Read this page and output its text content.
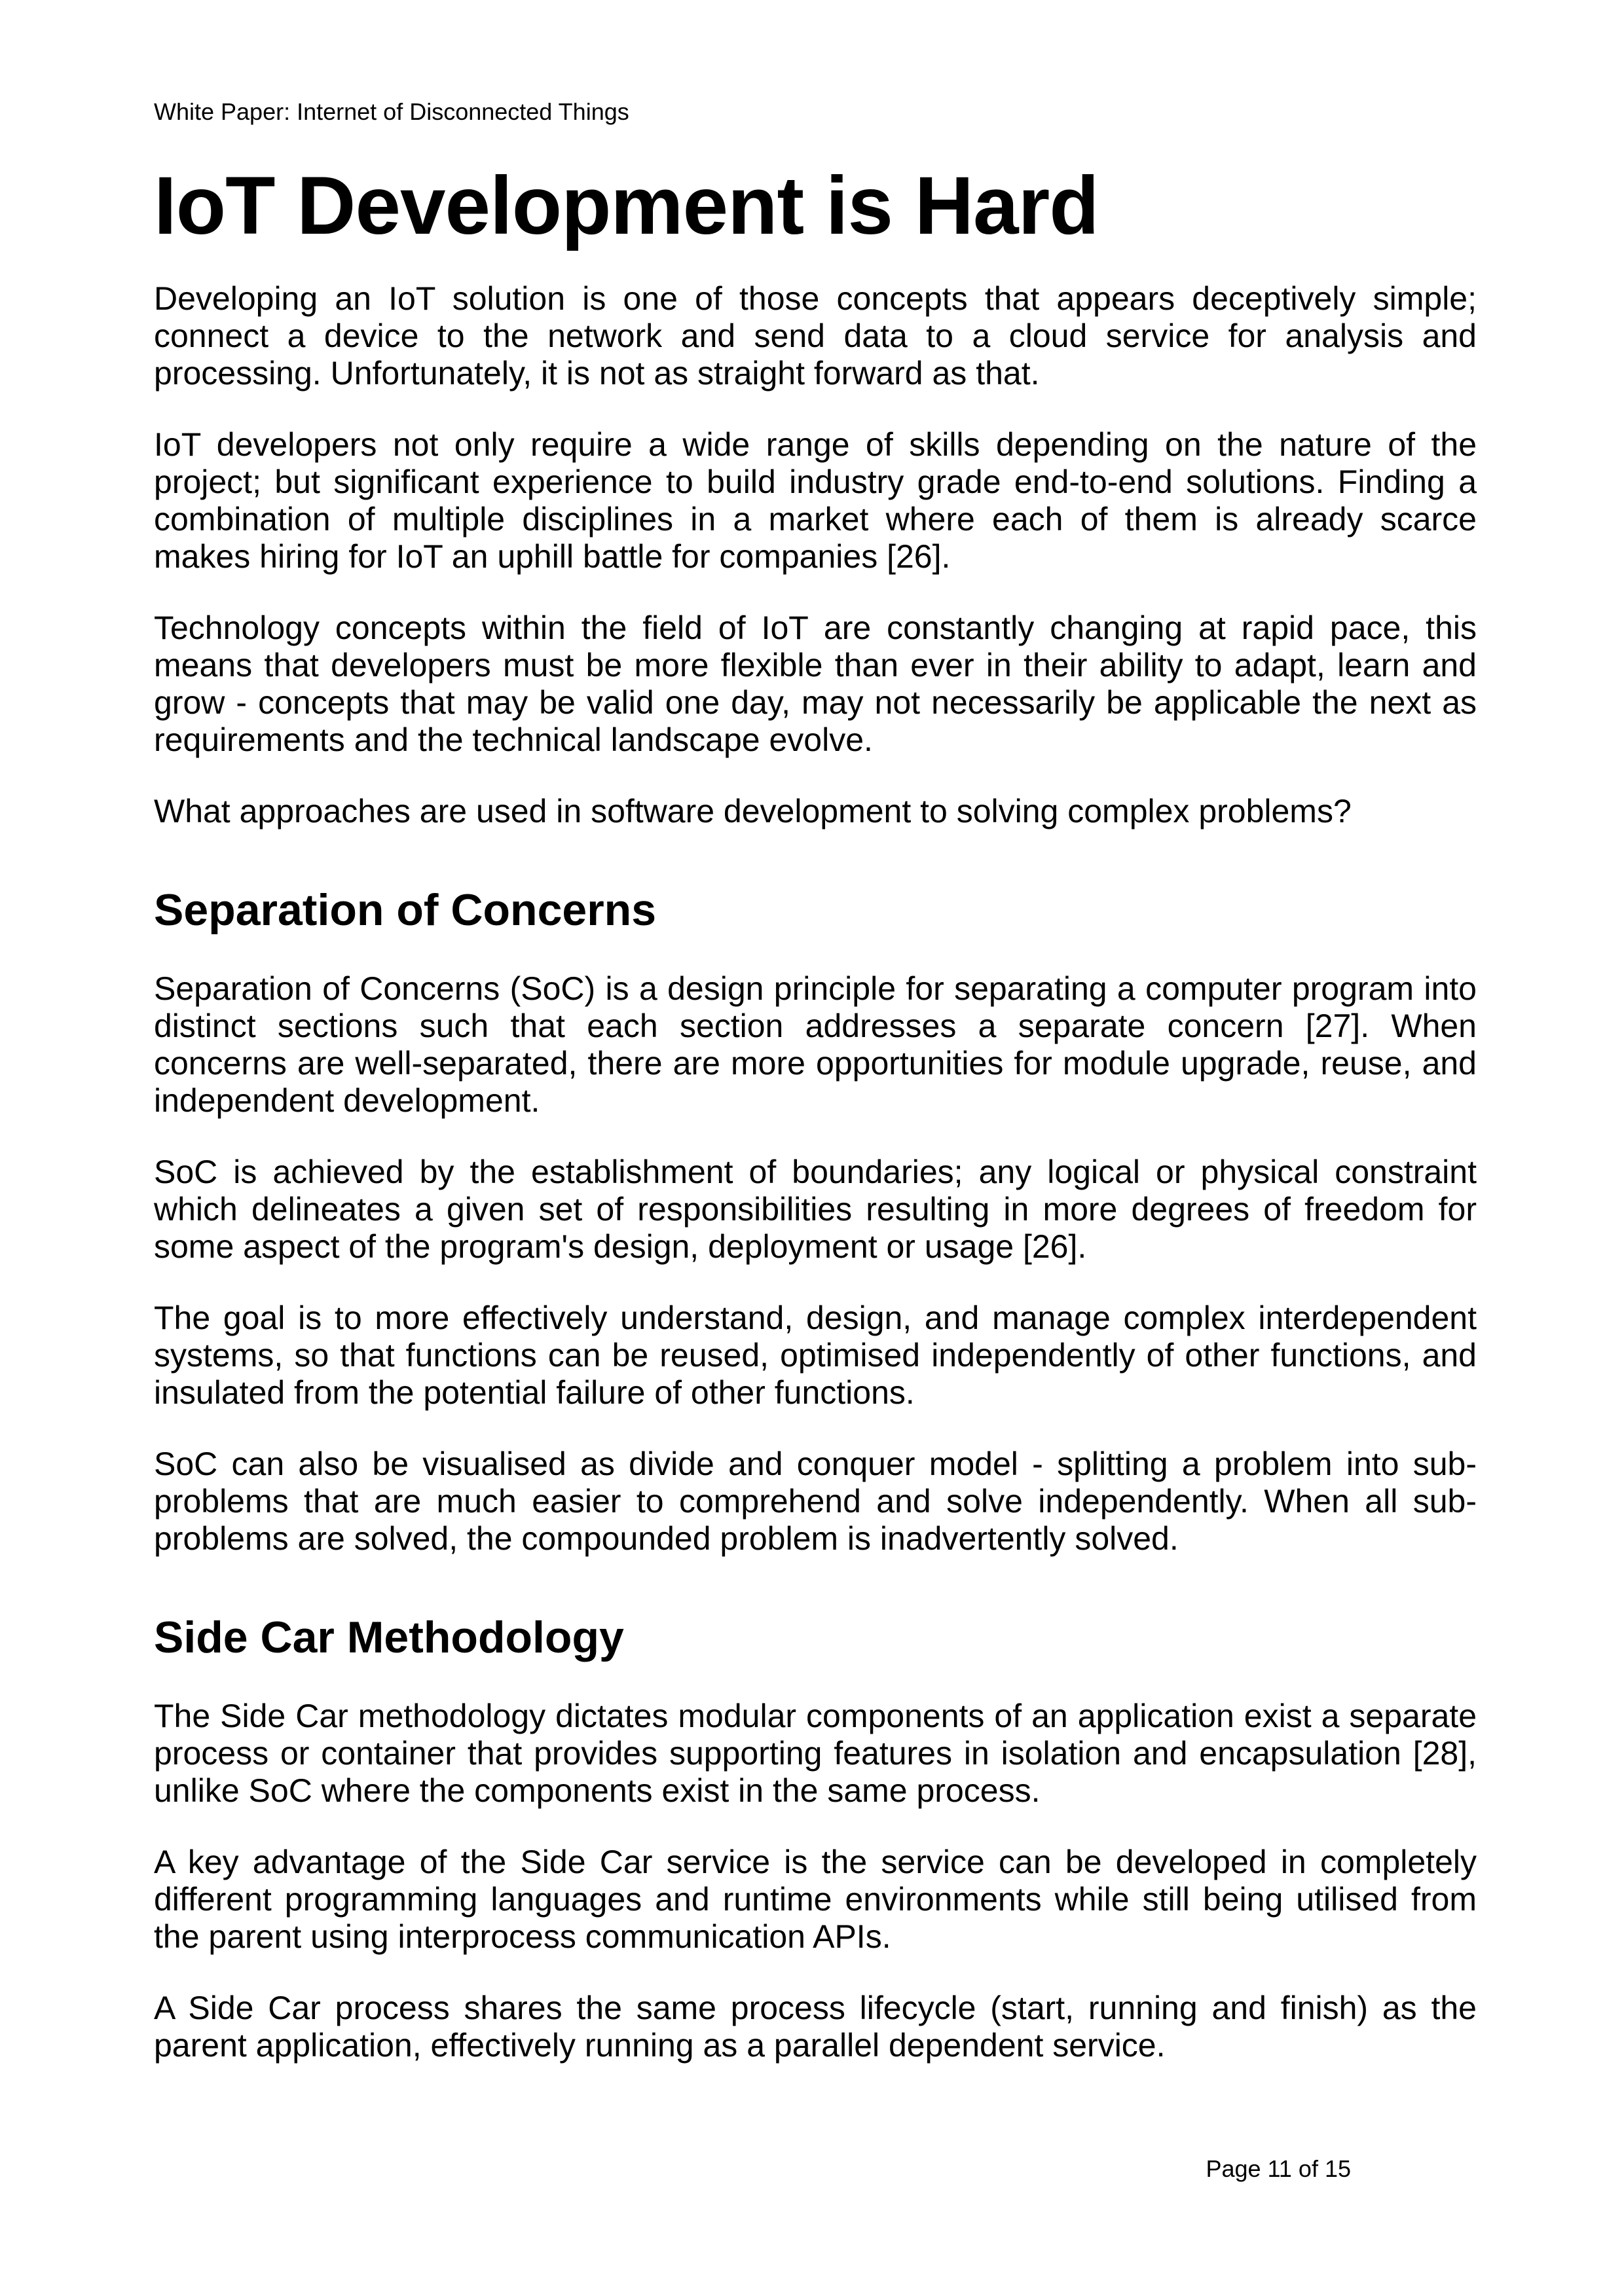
White Paper: Internet of Disconnected Things
IoT Development is Hard

Developing an IoT solution is one of those concepts that appears deceptively simple; connect a device to the network and send data to a cloud service for analysis and processing. Unfortunately, it is not as straight forward as that.

IoT developers not only require a wide range of skills depending on the nature of the project; but significant experience to build industry grade end-to-end solutions. Finding a combination of multiple disciplines in a market where each of them is already scarce makes hiring for IoT an uphill battle for companies [26].

Technology concepts within the field of IoT are constantly changing at rapid pace, this means that developers must be more flexible than ever in their ability to adapt, learn and grow - concepts that may be valid one day, may not necessarily be applicable the next as requirements and the technical landscape evolve.

What approaches are used in software development to solving complex problems?

Separation of Concerns

Separation of Concerns (SoC) is a design principle for separating a computer program into distinct sections such that each section addresses a separate concern [27]. When concerns are well-separated, there are more opportunities for module upgrade, reuse, and independent development.

SoC is achieved by the establishment of boundaries; any logical or physical constraint which delineates a given set of responsibilities resulting in more degrees of freedom for some aspect of the program's design, deployment or usage [26].

The goal is to more effectively understand, design, and manage complex interdependent systems, so that functions can be reused, optimised independently of other functions, and insulated from the potential failure of other functions.

SoC can also be visualised as divide and conquer model - splitting a problem into sub-problems that are much easier to comprehend and solve independently. When all sub-problems are solved, the compounded problem is inadvertently solved.

Side Car Methodology

The Side Car methodology dictates modular components of an application exist a separate process or container that provides supporting features in isolation and encapsulation [28], unlike SoC where the components exist in the same process.

A key advantage of the Side Car service is the service can be developed in completely different programming languages and runtime environments while still being utilised from the parent using interprocess communication APIs.

A Side Car process shares the same process lifecycle (start, running and finish) as the parent application, effectively running as a parallel dependent service.

Page 11 of 15
